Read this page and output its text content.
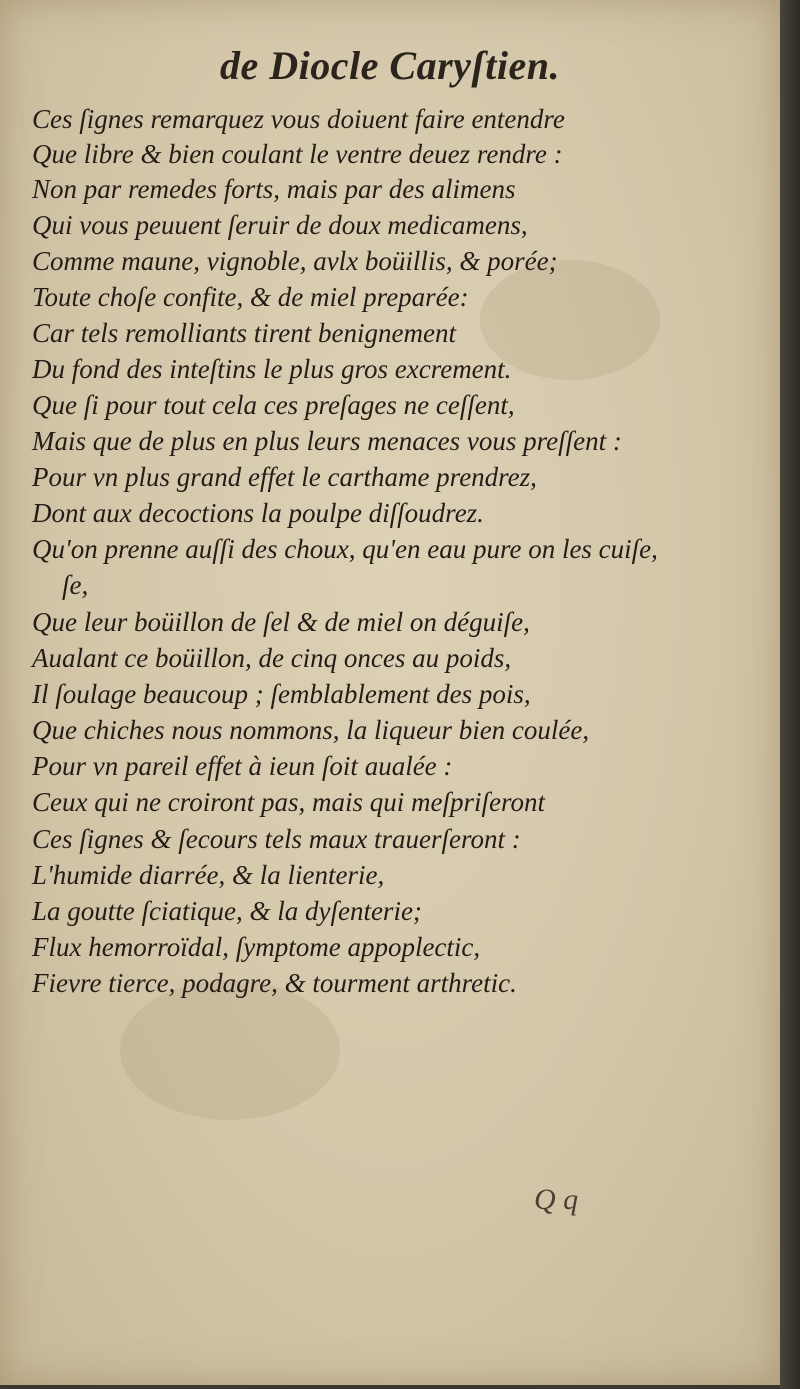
de Diocle Caryſtien.
Ces ſignes remarquez vous doiuent faire entendre
Que libre & bien coulant le ventre deuez rendre :
Non par remedes forts, mais par des alimens
Qui vous peuuent ſeruir de doux medicamens,
Comme maune, vignoble, avlx boüillis, & porée;
Toute choſe confite, & de miel preparée:
Car tels remolliants tirent benignement
Du fond des inteſtins le plus gros excrement.
Que ſi pour tout cela ces preſages ne ceſſent,
Mais que de plus en plus leurs menaces vous preſſent :
Pour vn plus grand effet le carthame prendrez,
Dont aux decoctions la poulpe diſſoudrez.
Qu'on prenne auſſi des choux, qu'en eau pure on les cuiſe,
ſe,
Que leur boüillon de ſel & de miel on déguiſe,
Aualant ce boüillon, de cinq onces au poids,
Il ſoulage beaucoup ; ſemblablement des pois,
Que chiches nous nommons, la liqueur bien coulée,
Pour vn pareil effet à ieun ſoit aualée :
Ceux qui ne croiront pas, mais qui meſpriſeront
Ces ſignes & ſecours tels maux trauerſeront :
L'humide diarrée, & la lienterie,
La goutte ſciatique, & la dyſenterie;
Flux hemorroïdal, ſymptome appoplectic,
Fievre tierce, podagre, & tourment arthretic.
Q q
